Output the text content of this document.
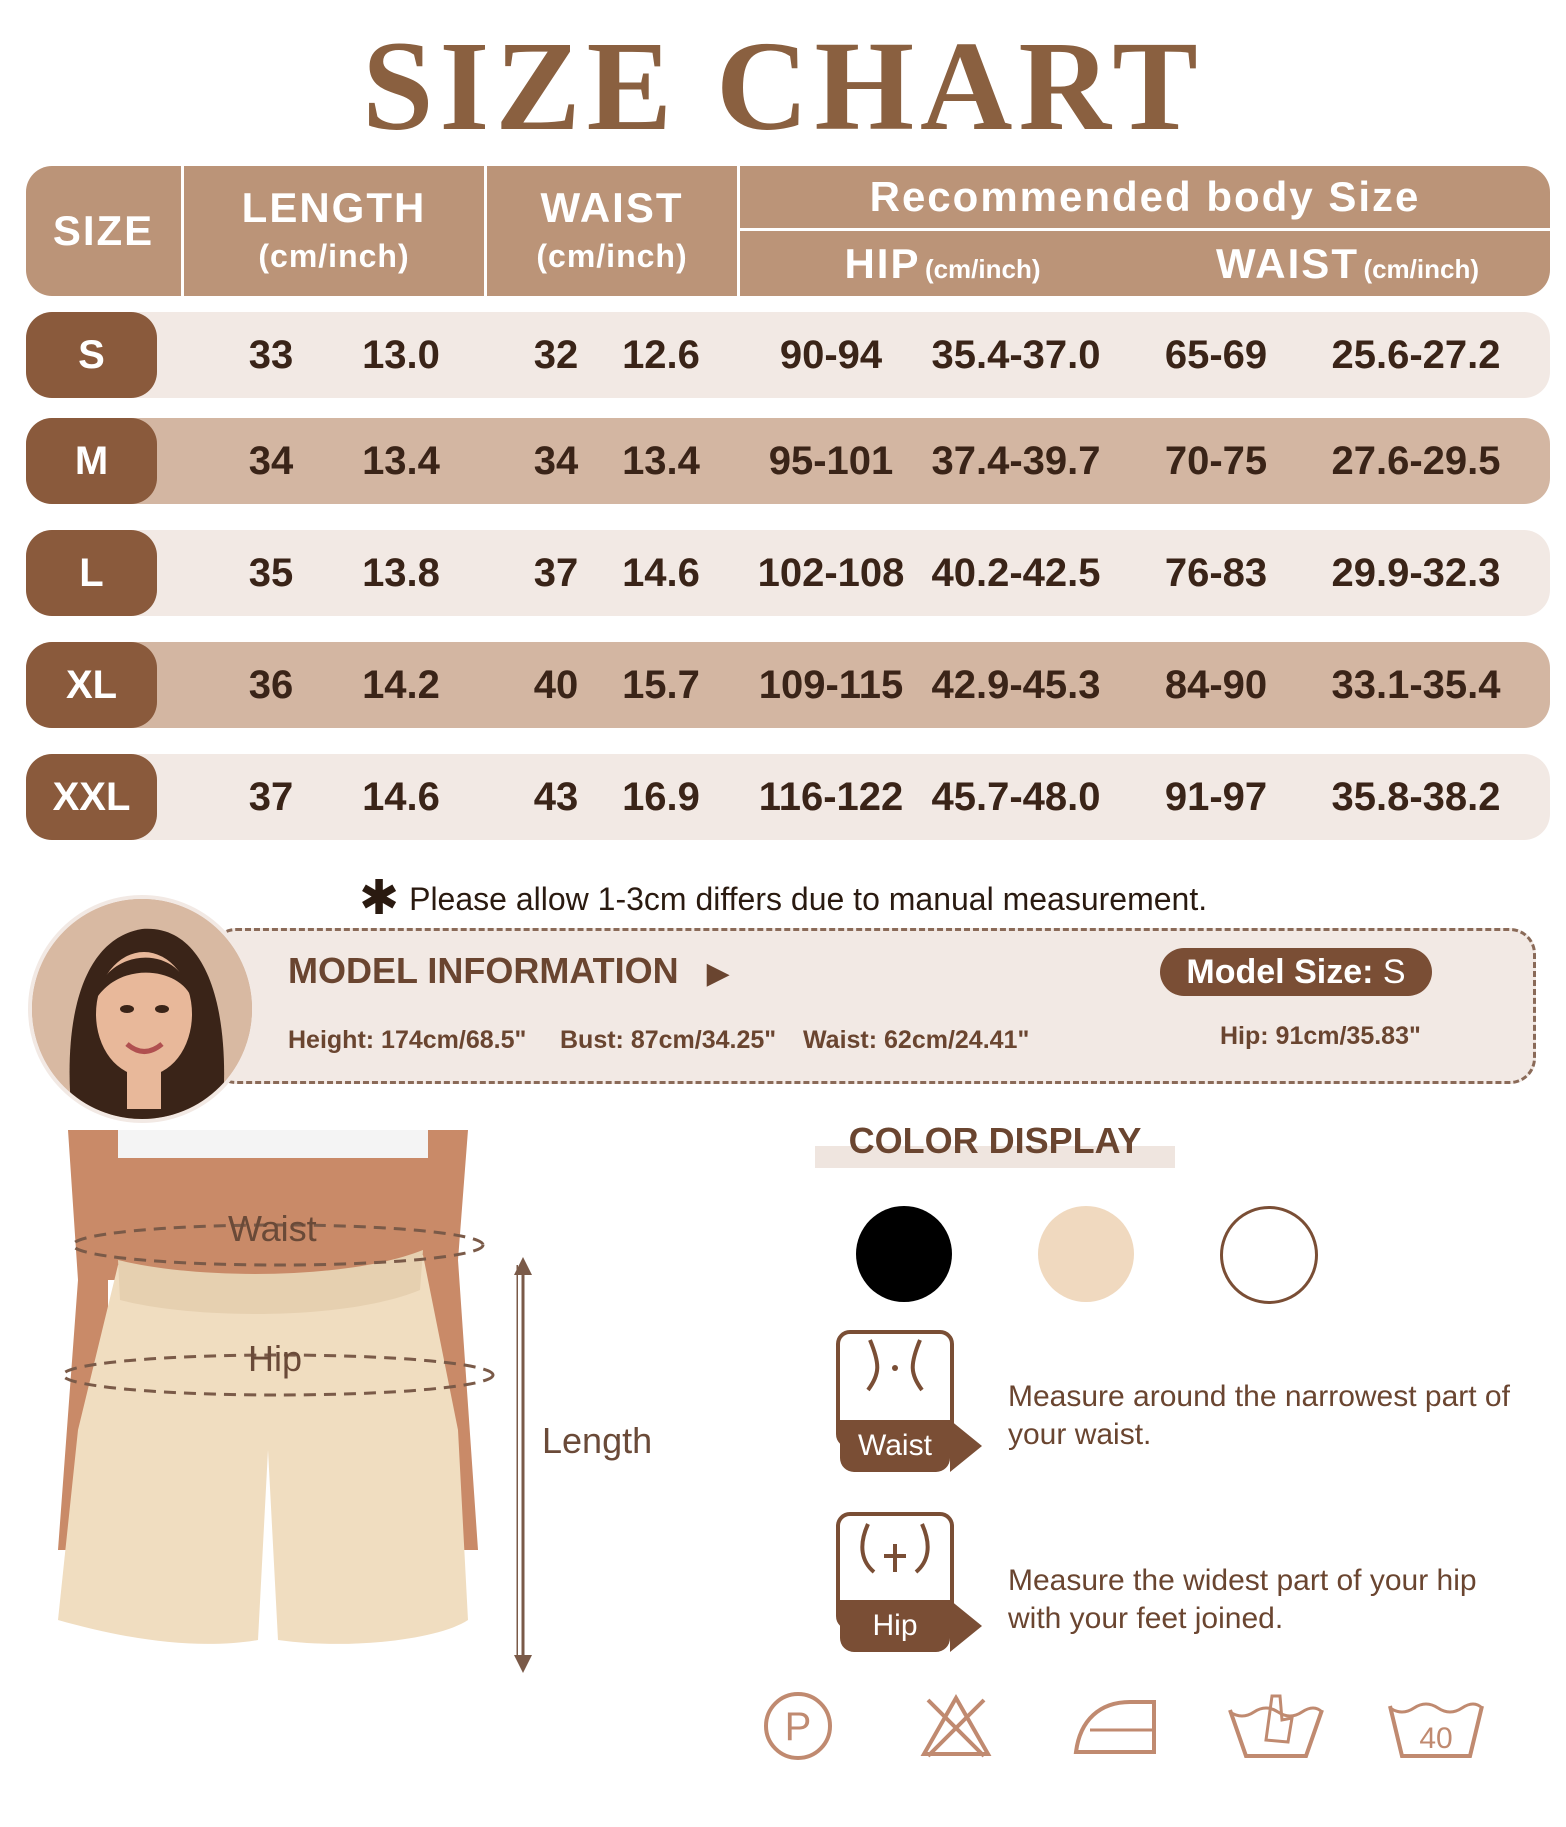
SIZE CHART
SIZE	LENGTH
(cm/inch)
WAIST
(cm/inch)
Recommended body Size
HIP (cm/inch)	WAIST (cm/inch)
S	33	13.0	32	12.6	90-94	35.4-37.0	65-69	25.6-27.2
M	34	13.4	34	13.4	95-101 37.4-39.7	70-75	27.6-29.5
L	35	13.8	37	14.6	102-108 40.2-42.5	76-83	29.9-32.3
XL	36	14.2	40	15.7	109-115 42.9-45.3	84-90	33.1-35.4
XXL	37	14.6	43	16.9	116-122 45.7-48.0	91-97	35.8-38.2
✱ Please allow 1-3cm differs due to manual measurement.
MODEL INFORMATION ▶	Model Size: S
Height: 174cm/68.5" Bust: 87cm/34.25" Waist: 62cm/24.41"	Hip: 91cm/35.83"
Waist
Hip
Length
COLOR DISPLAY
Waist
Measure around the narrowest part of your waist.
Hip
Measure the widest part of your hip with your feet joined.
P	40
